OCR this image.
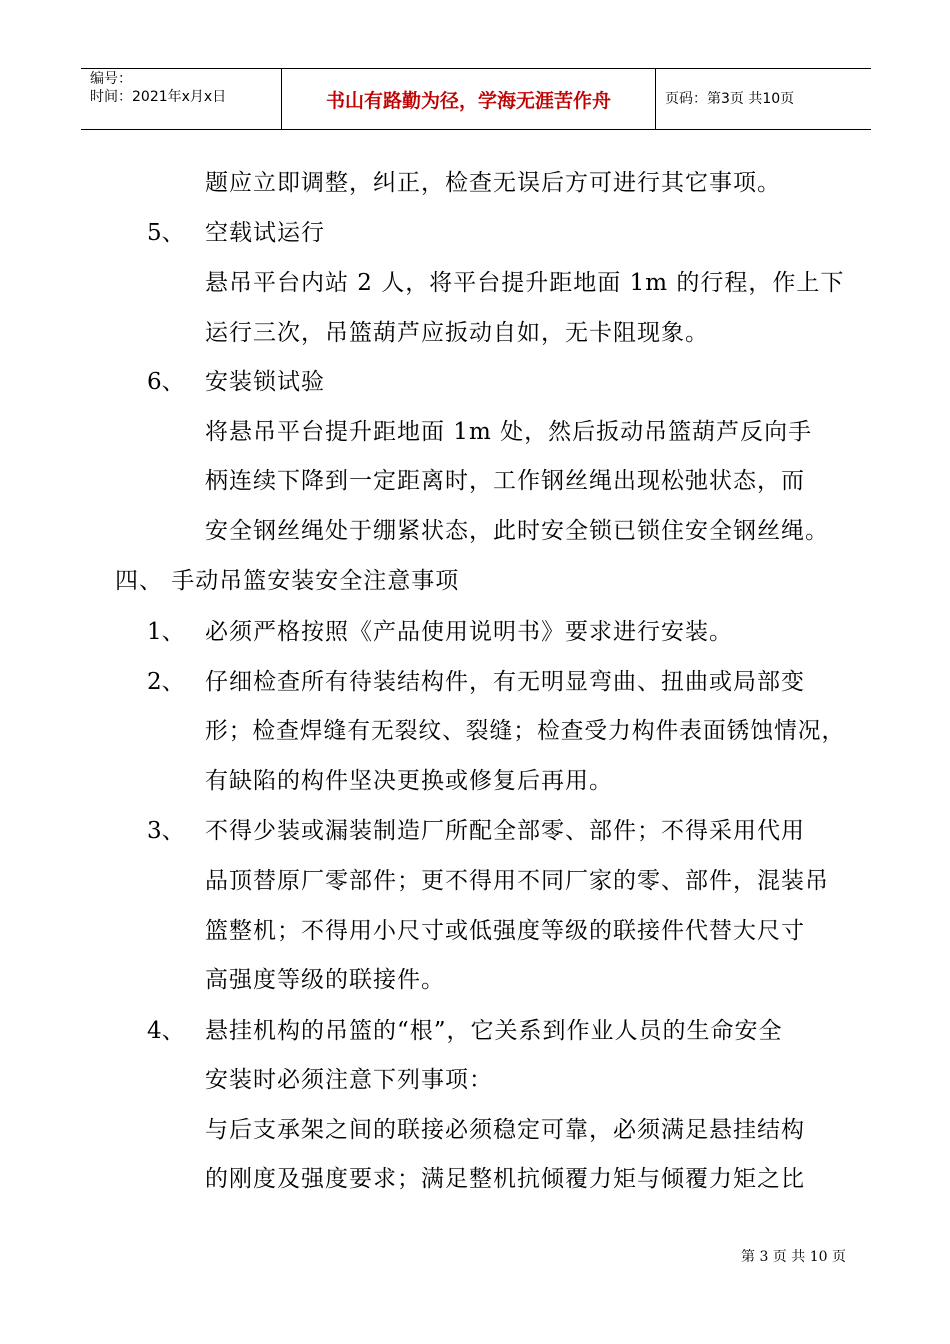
编号：
时间：2021年x月x日	书山有路勤为径，学海无涯苦作舟	页码：第3页 共10页
题应立即调整，纠正，检查无误后方可进行其它事项。
5、 空载试运行
悬吊平台内站 2 人，将平台提升距地面 1m 的行程，作上下
运行三次，吊篮葫芦应扳动自如，无卡阻现象。
6、 安装锁试验
将悬吊平台提升距地面 1m 处，然后扳动吊篮葫芦反向手
柄连续下降到一定距离时，工作钢丝绳出现松弛状态，而
安全钢丝绳处于绷紧状态，此时安全锁已锁住安全钢丝绳。
四、 手动吊篮安装安全注意事项
1、 必须严格按照《产品使用说明书》要求进行安装。
2、 仔细检查所有待装结构件，有无明显弯曲、扭曲或局部变
形；检查焊缝有无裂纹、裂缝；检查受力构件表面锈蚀情况，
有缺陷的构件坚决更换或修复后再用。
3、 不得少装或漏装制造厂所配全部零、部件；不得采用代用
品顶替原厂零部件；更不得用不同厂家的零、部件，混装吊
篮整机；不得用小尺寸或低强度等级的联接件代替大尺寸
高强度等级的联接件。
4、 悬挂机构的吊篮的“根”，它关系到作业人员的生命安全
安装时必须注意下列事项：
与后支承架之间的联接必须稳定可靠，必须满足悬挂结构
的刚度及强度要求；满足整机抗倾覆力矩与倾覆力矩之比
第 3 页 共 10 页
